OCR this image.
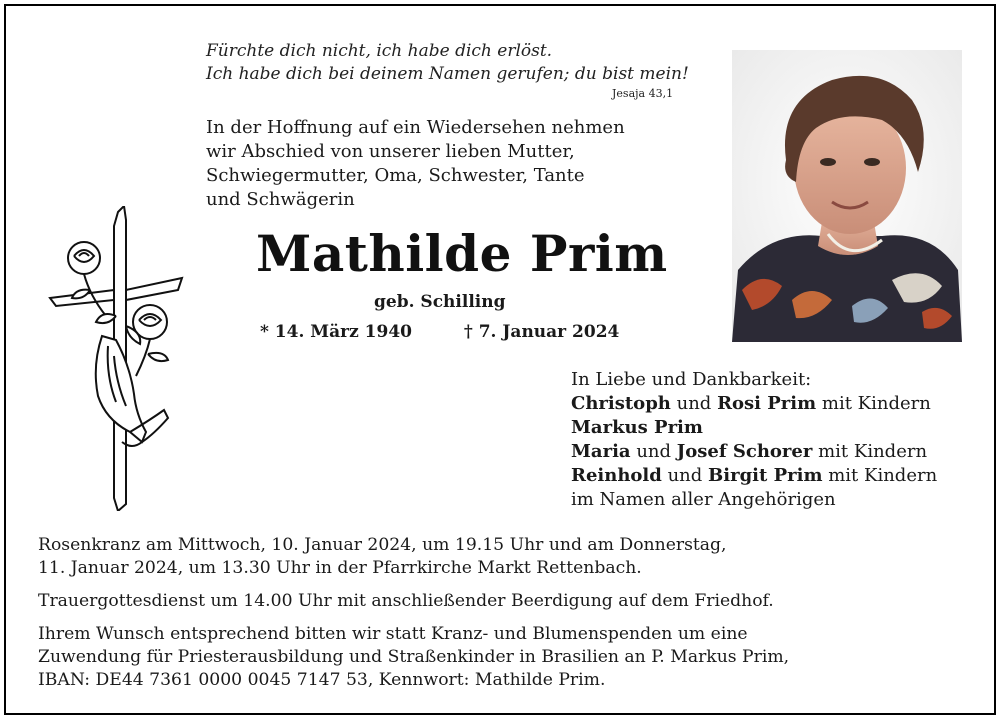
Fürchte dich nicht, ich habe dich erlöst.
Ich habe dich bei deinem Namen gerufen; du bist mein!
Jesaja 43,1
In der Hoffnung auf ein Wiedersehen nehmen
wir Abschied von unserer lieben Mutter,
Schwiegermutter, Oma, Schwester, Tante
und Schwägerin
Mathilde Prim
geb. Schilling
* 14. März 1940	† 7. Januar 2024
In Liebe und Dankbarkeit:
Christoph und Rosi Prim mit Kindern
Markus Prim
Maria und Josef Schorer mit Kindern
Reinhold und Birgit Prim mit Kindern
im Namen aller Angehörigen

Rosenkranz am Mittwoch, 10. Januar 2024, um 19.15 Uhr und am Donnerstag,
11. Januar 2024, um 13.30 Uhr in der Pfarrkirche Markt Rettenbach.

Trauergottesdienst um 14.00 Uhr mit anschließender Beerdigung auf dem Friedhof.

Ihrem Wunsch entsprechend bitten wir statt Kranz- und Blumenspenden um eine
Zuwendung für Priesterausbildung und Straßenkinder in Brasilien an P. Markus Prim,
IBAN: DE44 7361 0000 0045 7147 53, Kennwort: Mathilde Prim.
